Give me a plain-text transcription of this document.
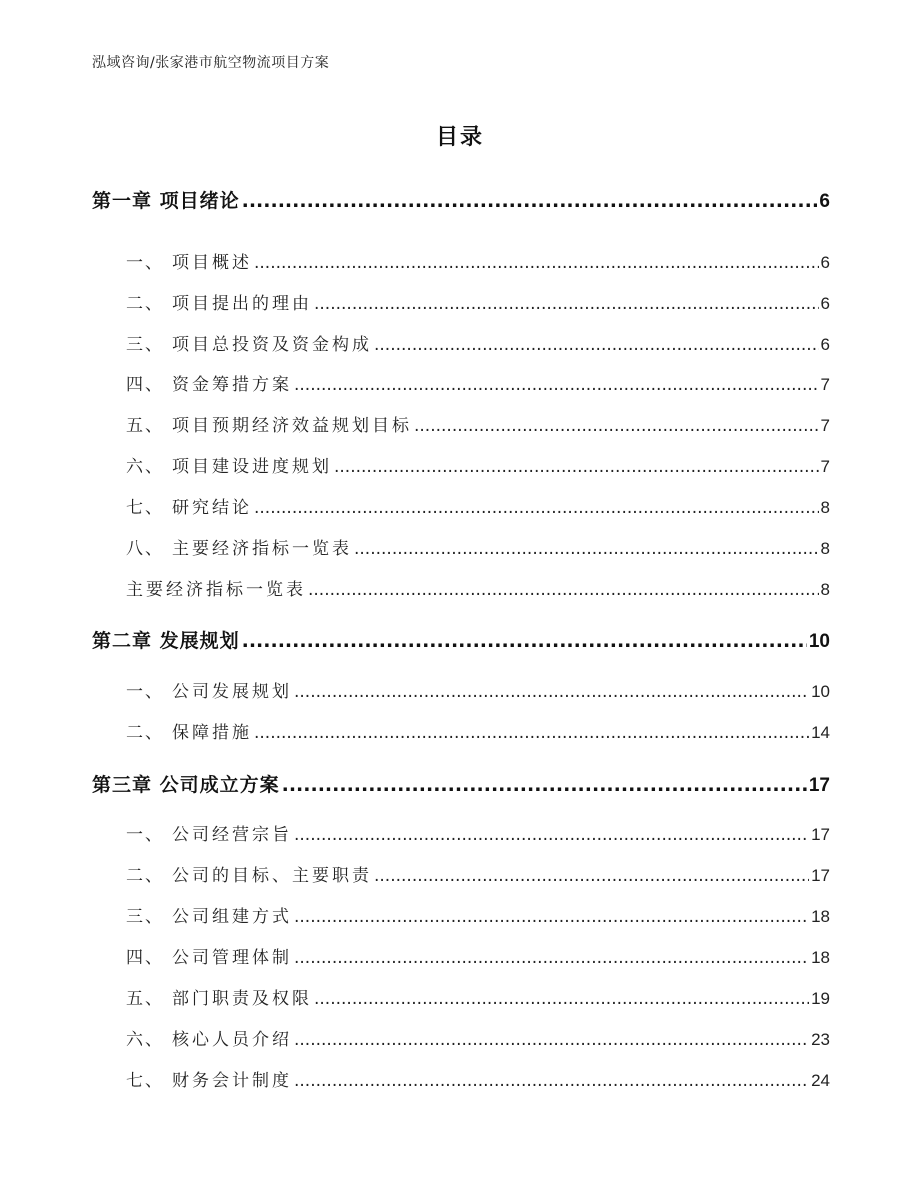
泓域咨询/张家港市航空物流项目方案
目录
第一章 项目绪论 .....	6
一、 项目概述 .....	6
二、 项目提出的理由 .....	6
三、 项目总投资及资金构成 .....	6
四、 资金筹措方案 .....	7
五、 项目预期经济效益规划目标 .....	7
六、 项目建设进度规划 .....	7
七、 研究结论 .....	8
八、 主要经济指标一览表 .....	8
主要经济指标一览表 .....	8
第二章 发展规划 .....	10
一、 公司发展规划 .....	10
二、 保障措施 .....	14
第三章 公司成立方案 .....	17
一、 公司经营宗旨 .....	17
二、 公司的目标、主要职责 .....	17
三、 公司组建方式 .....	18
四、 公司管理体制 .....	18
五、 部门职责及权限 .....	19
六、 核心人员介绍 .....	23
七、 财务会计制度 .....	24
